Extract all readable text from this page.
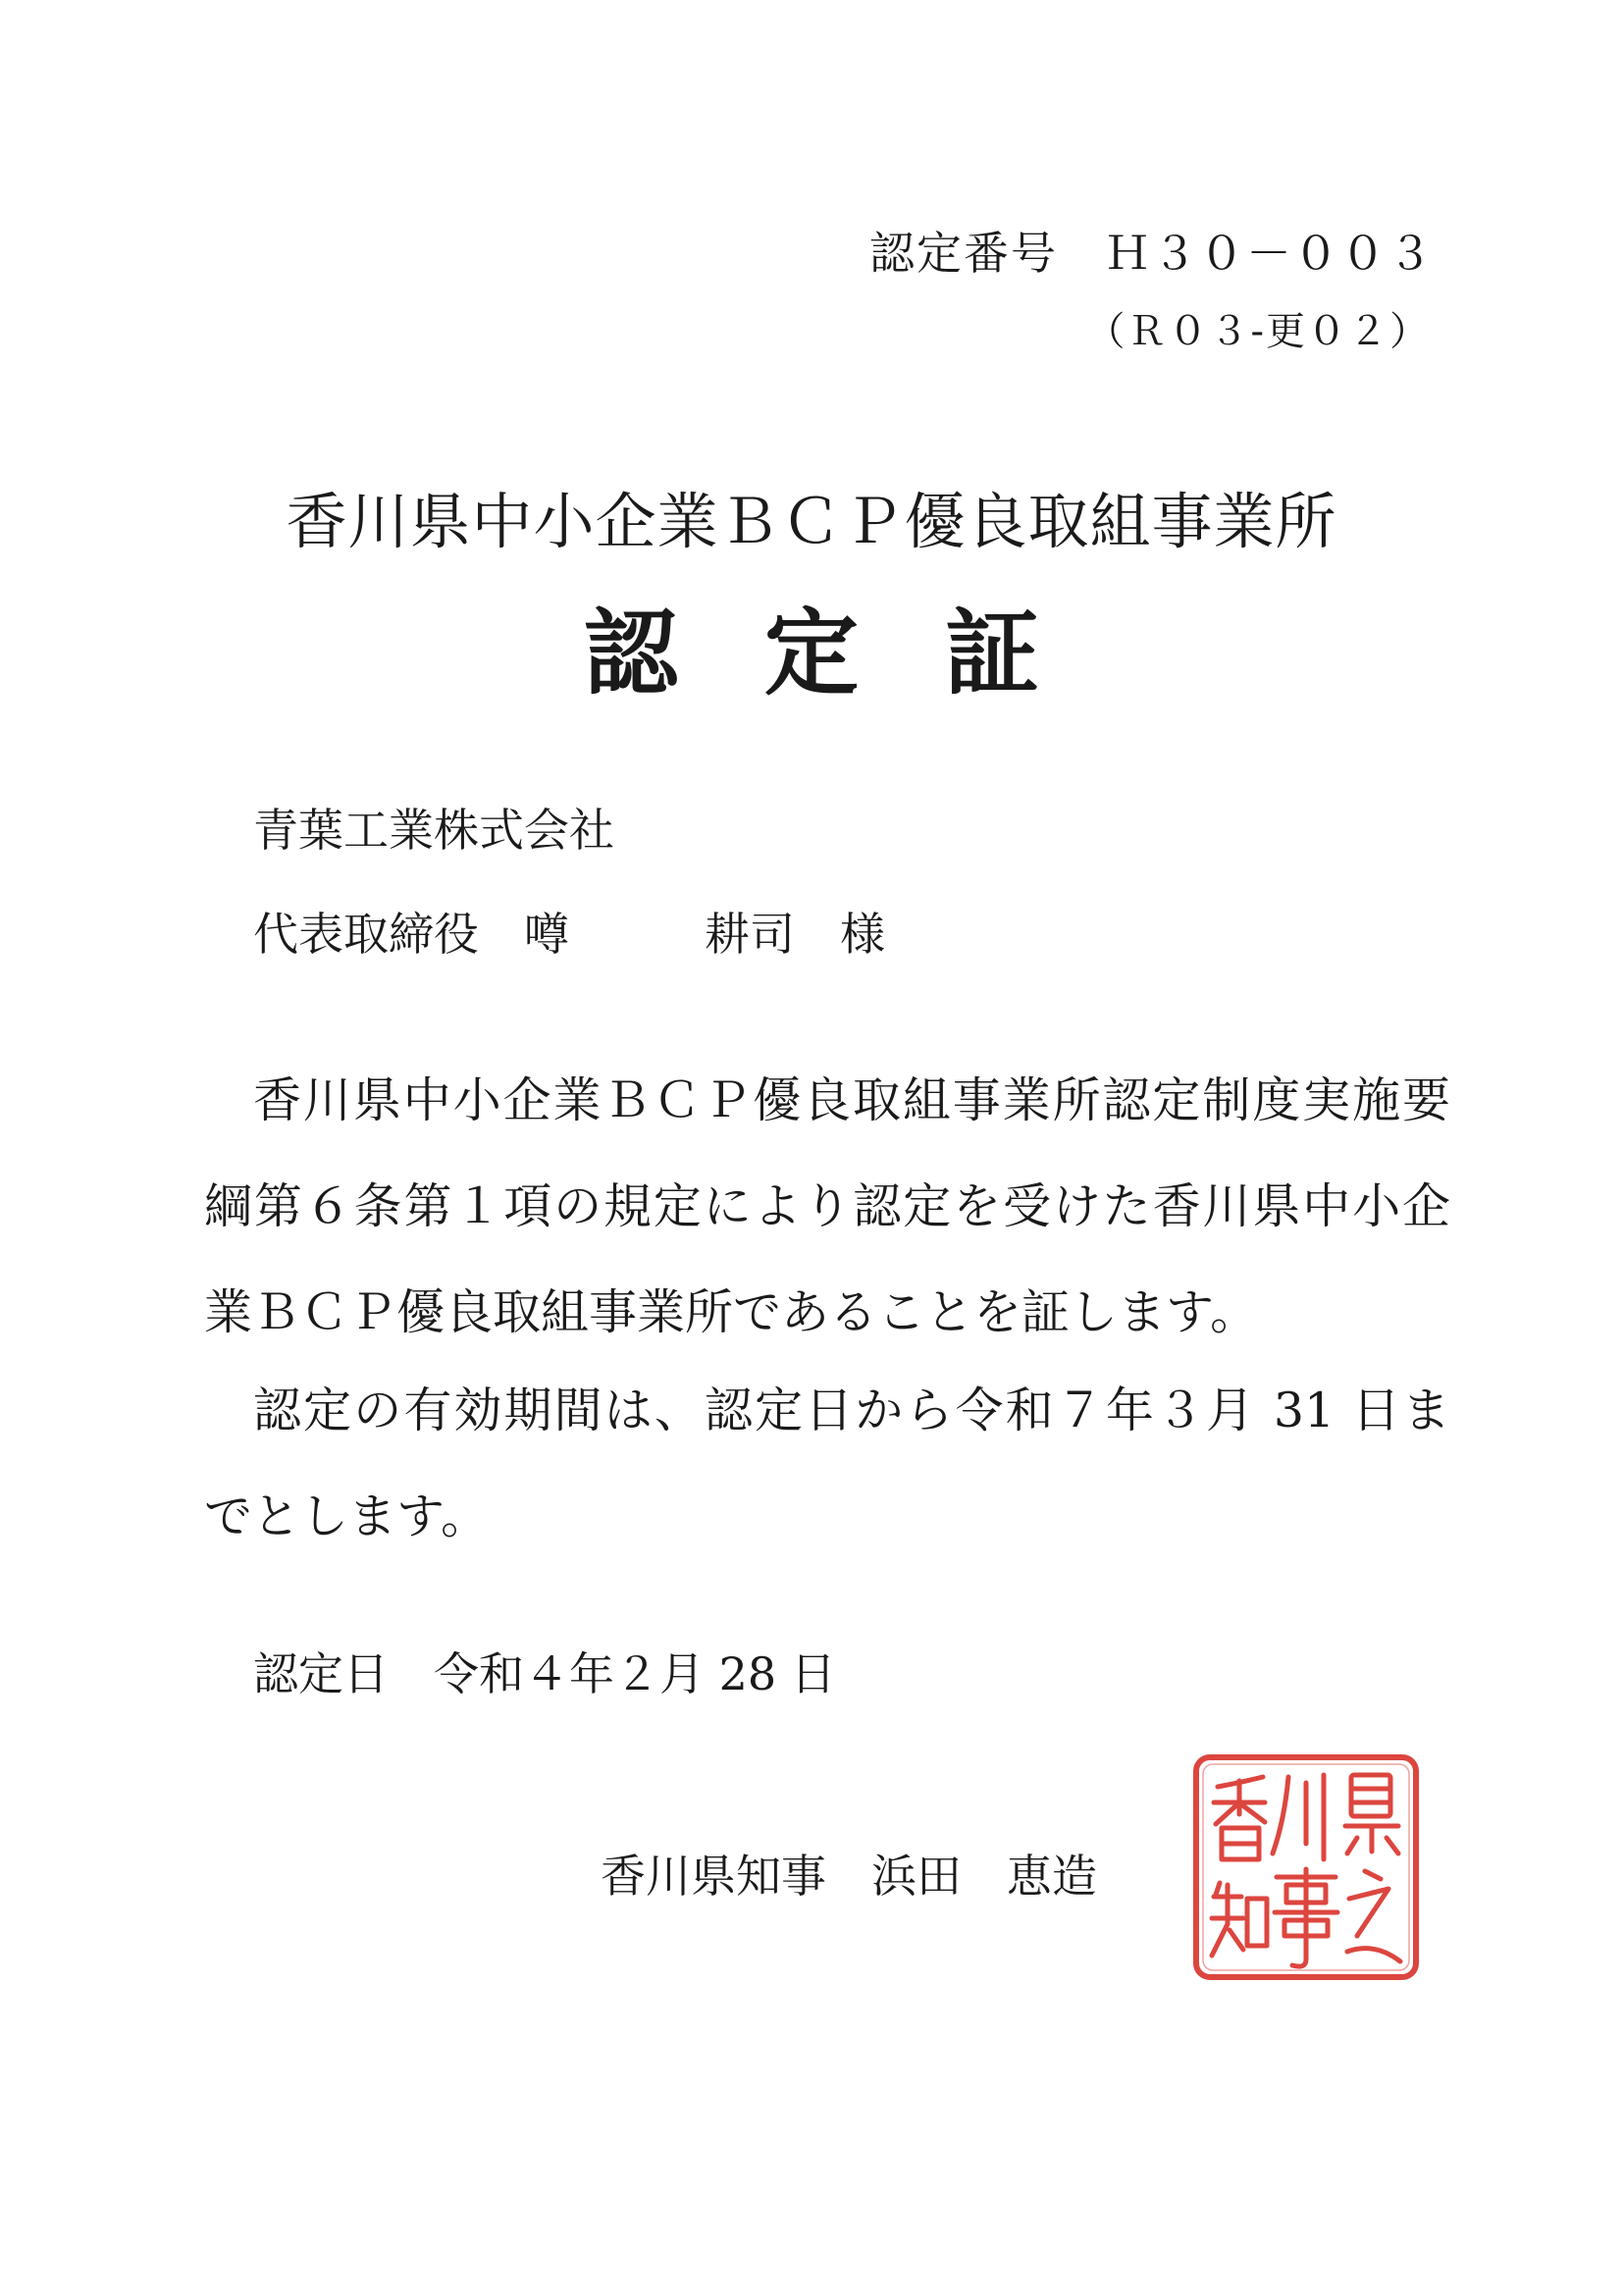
認定番号　 Ｈ３０－００３

（Ｒ０３-更０２）

香川県中小企業ＢＣＰ優良取組事業所
認定証

青葉工業株式会社

代表取締役　 噂　　　	耕司　 様

香川県中小企業ＢＣＰ優良取組事業所認定制度実施要綱第６条第１項の規定により認定を受けた香川県中小企業ＢＣＰ優良取組事業所であることを証します。

認定の有効期間は、認定日から令和７年３月 31 日までとします。

認定日　 令和４年２月 28 日

香川県知事　 浜田　 恵造
